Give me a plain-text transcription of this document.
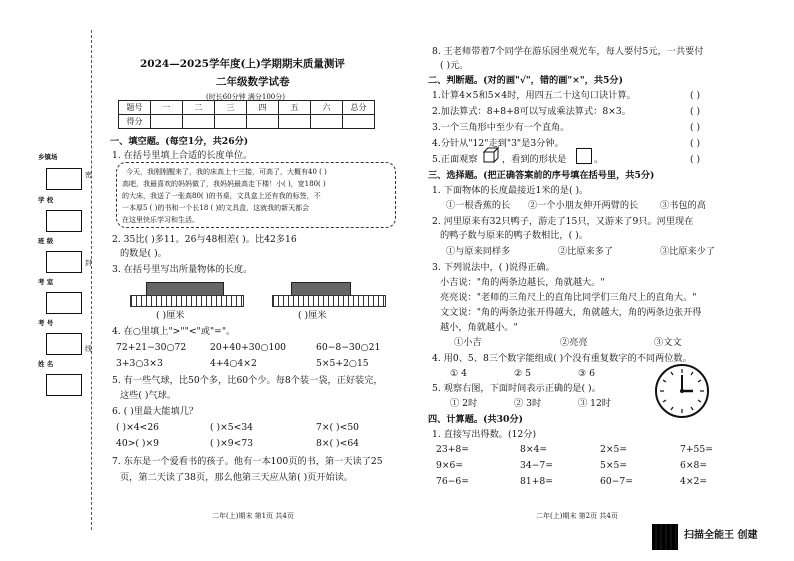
乡镇场
学 校
班 级
考 室
考 号
姓 名
密
封
线
2024—2025学年度(上)学期期末质量测评
二年级数学试卷
(时长60分钟 满分100分)
题号	一	二	三	四	五	六	总分
得分							
一、填空题。(每空1分，共26分)
1. 在括号里填上合适的长度单位。
今天，我刚刚醒来了，我的床高上十三接，可高了，大概有40 ( )
高吧，我最喜欢的妈妈做了，我妈妈最高走下楼！小( )，宽180( )
的大床，我送了一张高80( )的书桌，文具盒上还有我的标签，不
一本厚5 ( )的书和一个长18 ( )的文具盒，这就我的新天都会
在这里快乐学习和生活。
2. 35比( )多11。26与48相差( )。比42多16
的数是( )。
3. 在括号里写出所量物体的长度。
( )厘米	( )厘米
4. 在○里填上">""<"或"="。
72+21−30○72	20+40+30○100	60−8−30○21
3+3○3×3	4+4○4×2	5×5+2○15
5. 有一些气球，比50个多，比60个少。每8个装一袋，正好装完，
这些( )气球。
6. ( )里最大能填几？
( )×4<26	( )×5<34	7×( )<50
40>( )×9	( )×9<73	8×( )<64
7. 东东是一个爱看书的孩子。他有一本100页的书，第一天读了25
页，第二天读了38页，那么他第三天应从第( )页开始读。
二年(上)期末 第1页 共4页
8. 王老师带着7个同学在游乐园坐观光车，每人要付5元，一共要付
( )元。
二、判断题。(对的画"√"，错的画"×"，共5分)
1.计算4×5和5×4时，用四五二十这句口诀计算。	( )
2.加法算式：8+8+8可以写成乘法算式：8×3。	( )
3.一个三角形中至少有一个直角。	( )
4.分针从"12"走到"3"是3分钟。	( )
5.正面观察	，看到的形状是	。	( )
三、选择题。(把正确答案前的序号填在括号里，共5分)
1. 下面物体的长度最接近1米的是( )。
①一根香蕉的长 ②一个小朋友伸开两臂的长 ③书包的高
2. 河里原来有32只鸭子，游走了15只，又游来了9只。河里现在
的鸭子数与原来的鸭子数相比，( )。
①与原来同样多	②比原来多了	③比原来少了
3. 下列说法中，( )说得正确。
小吉说："角的两条边越长，角就越大。"
亮亮说："老师的三角尺上的直角比同学们三角尺上的直角大。"
文文说："角的两条边张开得越大，角就越大，角的两条边张开得
越小，角就越小。"
①小吉	②亮亮	③文文
4. 用0、5、8三个数字能组成( )个没有重复数字的不同两位数。
① 4	② 5	③ 6
5. 观察右图，下面时间表示正确的是( )。
① 2时	② 3时	③ 12时
四、计算题。(共30分)
1. 直接写出得数。(12分)
23+8=	8×4=	2×5=	7+55=
9×6=	34−7=	5×5=	6×8=
76−6=	81+8=	60−7=	4×2=
二年(上)期末 第2页 共4页
扫描全能王 创建
